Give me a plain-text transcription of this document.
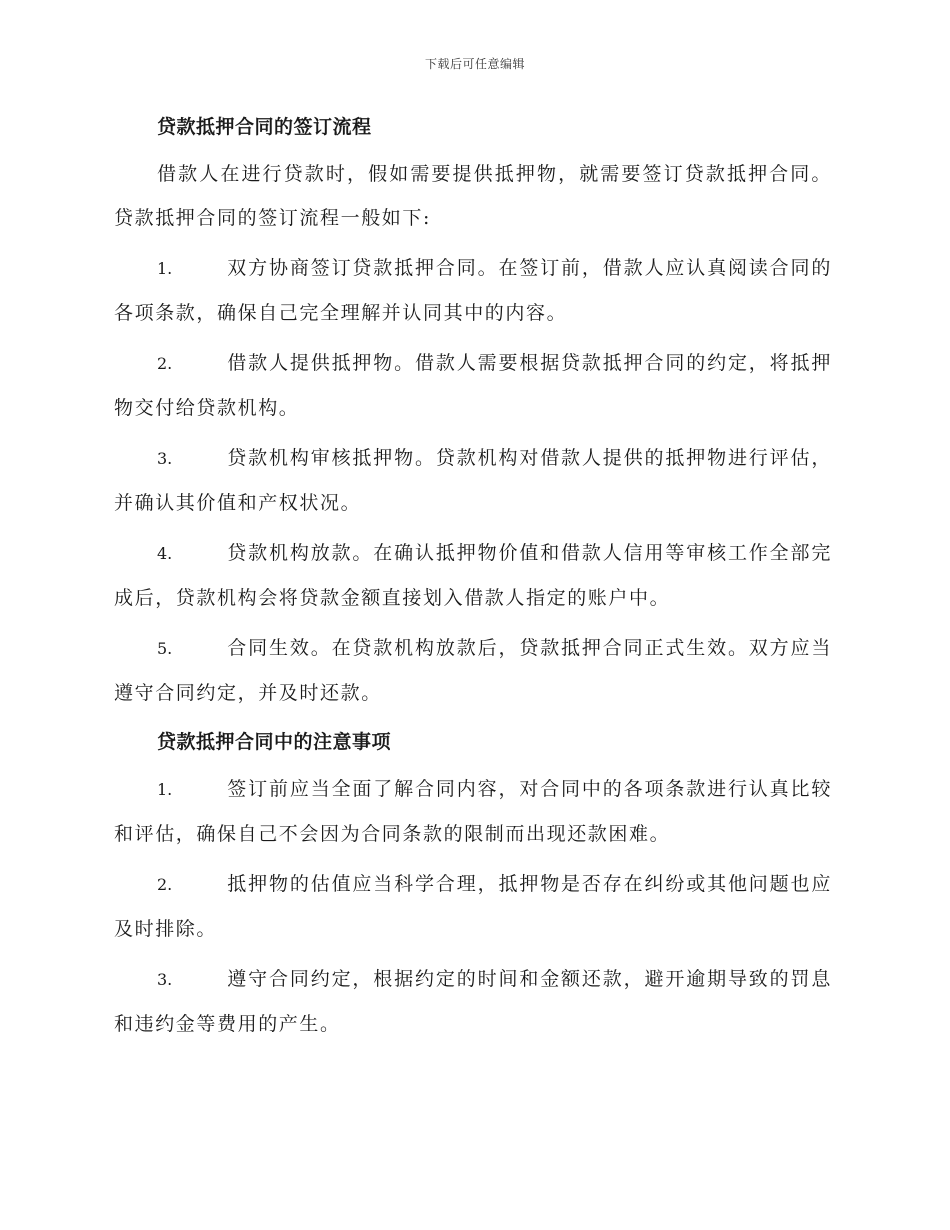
下载后可任意编辑
贷款抵押合同的签订流程

借款人在进行贷款时，假如需要提供抵押物，就需要签订贷款抵押合同。贷款抵押合同的签订流程一般如下:

1.	双方协商签订贷款抵押合同。在签订前，借款人应认真阅读合同的各项条款，确保自己完全理解并认同其中的内容。

2.	借款人提供抵押物。借款人需要根据贷款抵押合同的约定，将抵押物交付给贷款机构。

3.	贷款机构审核抵押物。贷款机构对借款人提供的抵押物进行评估，并确认其价值和产权状况。

4.	贷款机构放款。在确认抵押物价值和借款人信用等审核工作全部完成后，贷款机构会将贷款金额直接划入借款人指定的账户中。

5.	合同生效。在贷款机构放款后，贷款抵押合同正式生效。双方应当遵守合同约定，并及时还款。

贷款抵押合同中的注意事项

1.	签订前应当全面了解合同内容，对合同中的各项条款进行认真比较和评估，确保自己不会因为合同条款的限制而出现还款困难。

2.	抵押物的估值应当科学合理，抵押物是否存在纠纷或其他问题也应及时排除。

3.	遵守合同约定，根据约定的时间和金额还款，避开逾期导致的罚息和违约金等费用的产生。
